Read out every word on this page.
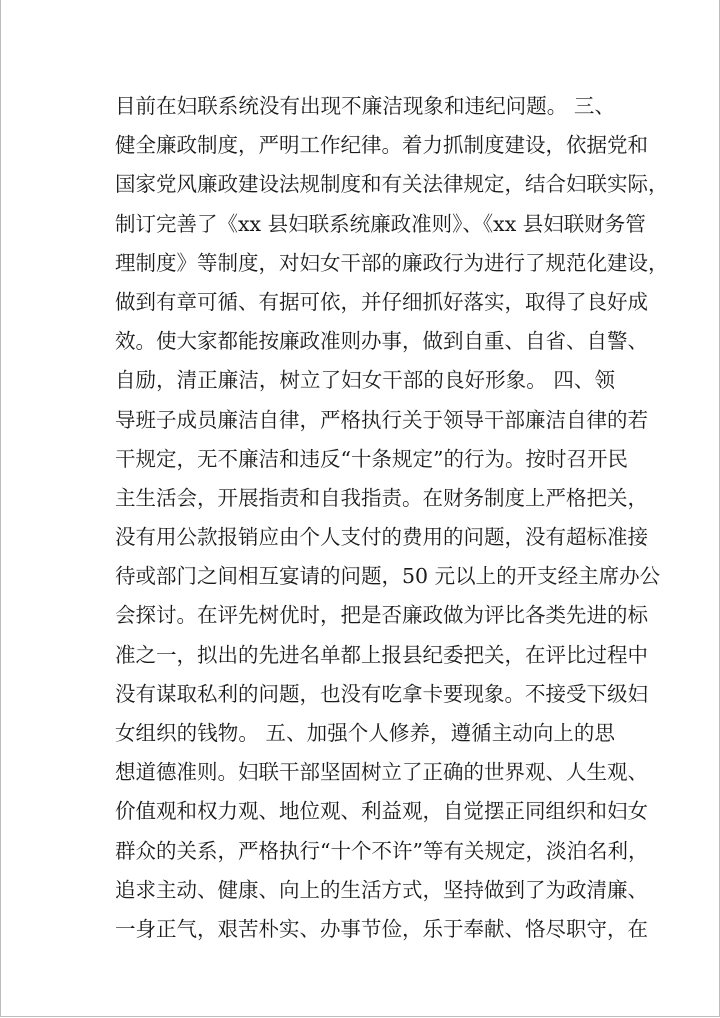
目前在妇联系统没有出现不廉洁现象和违纪问题。 三、
健全廉政制度，严明工作纪律。着力抓制度建设，依据党和
国家党风廉政建设法规制度和有关法律规定，结合妇联实际，
制订完善了《xx 县妇联系统廉政准则》、《xx 县妇联财务管
理制度》等制度，对妇女干部的廉政行为进行了规范化建设，
做到有章可循、有据可依，并仔细抓好落实，取得了良好成
效。使大家都能按廉政准则办事，做到自重、自省、自警、
自励，清正廉洁，树立了妇女干部的良好形象。 四、领
导班子成员廉洁自律，严格执行关于领导干部廉洁自律的若
干规定，无不廉洁和违反“十条规定”的行为。按时召开民
主生活会，开展指责和自我指责。在财务制度上严格把关，
没有用公款报销应由个人支付的费用的问题，没有超标准接
待或部门之间相互宴请的问题，50 元以上的开支经主席办公
会探讨。在评先树优时，把是否廉政做为评比各类先进的标
准之一，拟出的先进名单都上报县纪委把关，在评比过程中
没有谋取私利的问题，也没有吃拿卡要现象。不接受下级妇
女组织的钱物。 五、加强个人修养，遵循主动向上的思
想道德准则。妇联干部坚固树立了正确的世界观、人生观、
价值观和权力观、地位观、利益观，自觉摆正同组织和妇女
群众的关系，严格执行“十个不许”等有关规定，淡泊名利，
追求主动、健康、向上的生活方式，坚持做到了为政清廉、
一身正气，艰苦朴实、办事节俭，乐于奉献、恪尽职守，在
